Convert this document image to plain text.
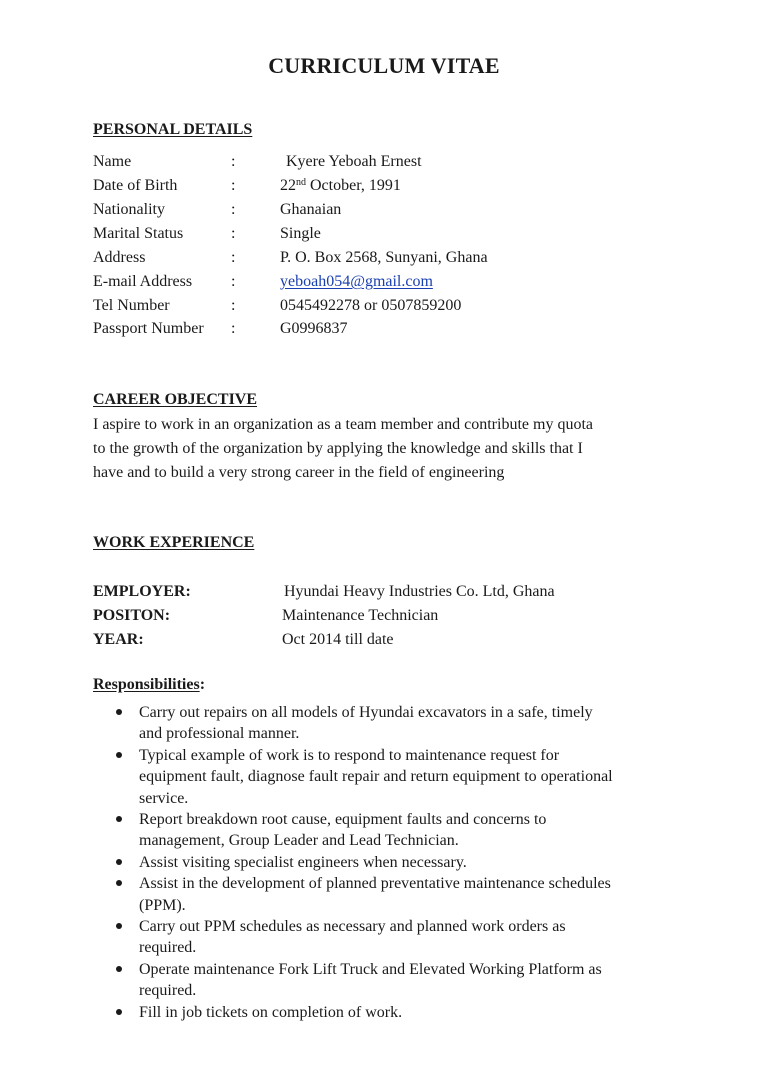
CURRICULUM VITAE
PERSONAL DETAILS
Name	:	Kyere Yeboah Ernest
Date of Birth	:	22nd October, 1991
Nationality	:	Ghanaian
Marital Status	:	Single
Address	:	P. O. Box 2568, Sunyani, Ghana
E-mail Address :	yeboah054@gmail.com
Tel Number	:	0545492278 or 0507859200
Passport Number :	G0996837
CAREER OBJECTIVE
I aspire to work in an organization as a team member and contribute my quota
to the growth of the organization by applying the knowledge and skills that I
have and to build a very strong career in the field of engineering
WORK EXPERIENCE
EMPLOYER:	Hyundai Heavy Industries Co. Ltd, Ghana
POSITON:	Maintenance Technician
YEAR:	Oct 2014 till date
Responsibilities:
Carry out repairs on all models of Hyundai excavators in a safe, timely
and professional manner.
Typical example of work is to respond to maintenance request for
equipment fault, diagnose fault repair and return equipment to operational
service.
Report breakdown root cause, equipment faults and concerns to
management, Group Leader and Lead Technician.
Assist visiting specialist engineers when necessary.
Assist in the development of planned preventative maintenance schedules
(PPM).
Carry out PPM schedules as necessary and planned work orders as
required.
Operate maintenance Fork Lift Truck and Elevated Working Platform as
required.
Fill in job tickets on completion of work.
